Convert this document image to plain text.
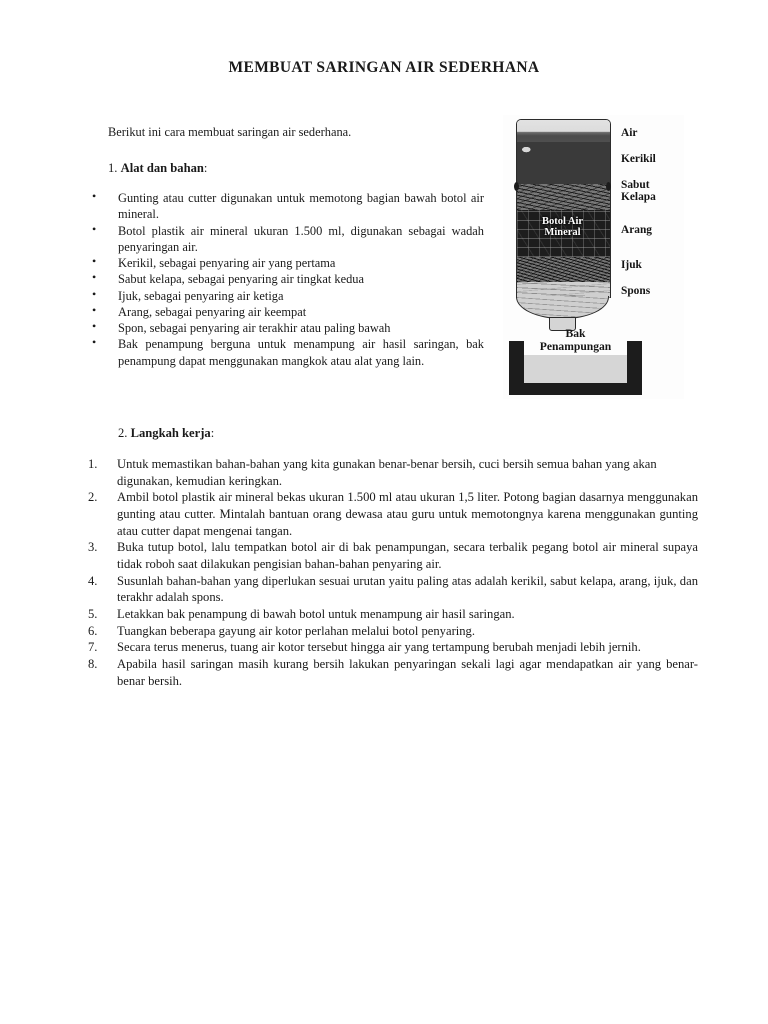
MEMBUAT SARINGAN AIR SEDERHANA
Berikut ini cara membuat saringan air sederhana.
1. Alat dan bahan:
• Gunting atau cutter digunakan untuk memotong bagian bawah botol air mineral.
• Botol plastik air mineral ukuran 1.500 ml, digunakan sebagai wadah penyaringan air.
• Kerikil, sebagai penyaring air yang pertama
• Sabut kelapa, sebagai penyaring air tingkat kedua
• Ijuk, sebagai penyaring air ketiga
• Arang, sebagai penyaring air keempat
• Spon, sebagai penyaring air terakhir atau paling bawah
• Bak penampung berguna untuk menampung air hasil saringan, bak penampung dapat menggunakan mangkok atau alat yang lain.
2. Langkah kerja:
1.	Untuk memastikan bahan-bahan yang kita gunakan benar-benar bersih, cuci bersih semua bahan yang akan digunakan, kemudian keringkan.
2.	Ambil botol plastik air mineral bekas ukuran 1.500 ml atau ukuran 1,5 liter. Potong bagian dasarnya menggunakan gunting atau cutter. Mintalah bantuan orang dewasa atau guru untuk memotongnya karena menggunakan gunting atau cutter dapat mengenai tangan.
3.	Buka tutup botol, lalu tempatkan botol air di bak penampungan, secara terbalik pegang botol air mineral supaya tidak roboh saat dilakukan pengisian bahan-bahan penyaring air.
4.	Susunlah bahan-bahan yang diperlukan sesuai urutan yaitu paling atas adalah kerikil, sabut kelapa, arang, ijuk, dan terakhr adalah spons.
5.	Letakkan bak penampung di bawah botol untuk menampung air hasil saringan.
6.	Tuangkan beberapa gayung air kotor perlahan melalui botol penyaring.
7.	Secara terus menerus, tuang air kotor tersebut hingga air yang tertampung berubah menjadi lebih jernih.
8.	Apabila hasil saringan masih kurang bersih lakukan penyaringan sekali lagi agar mendapatkan air yang benar-benar bersih.
Botol Air
Mineral
Air
Kerikil
Sabut
Kelapa
Arang
Ijuk
Spons
Bak
Penampungan
